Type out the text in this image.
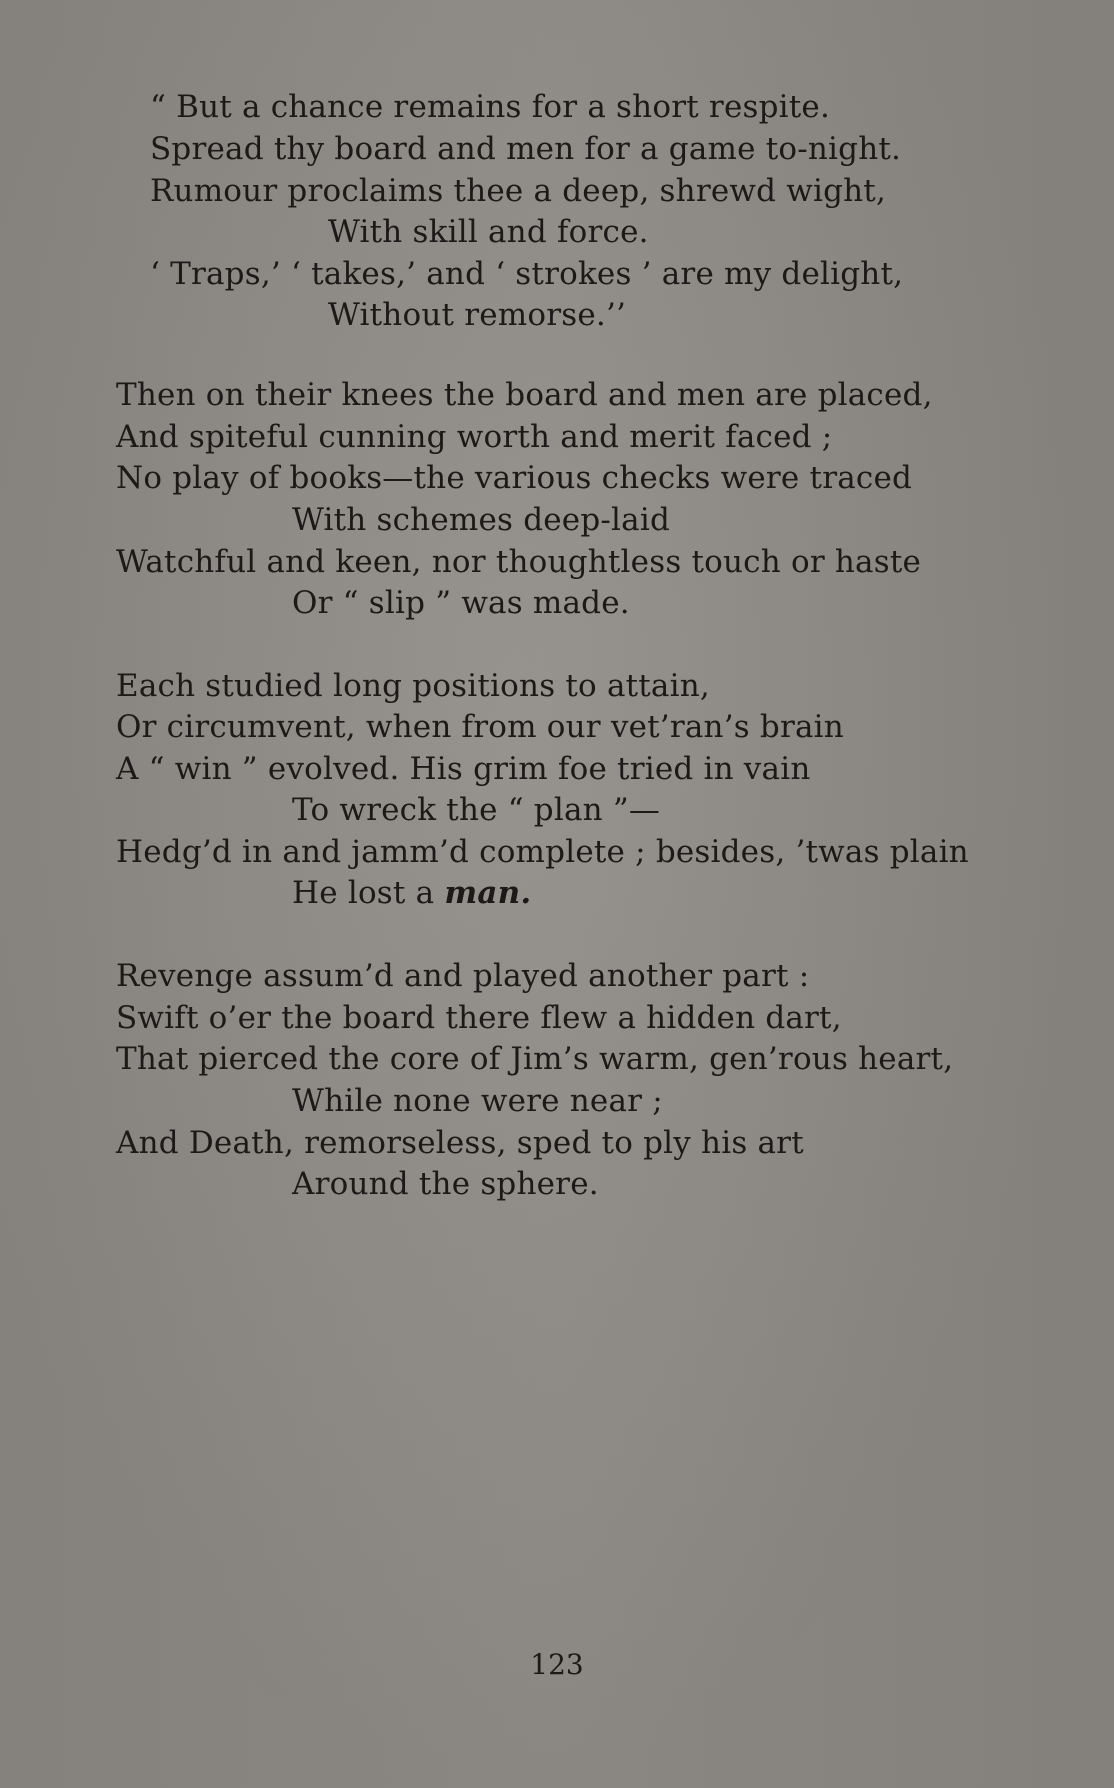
“ But a chance remains for a short respite.
Spread thy board and men for a game to-night.
Rumour proclaims thee a deep, shrewd wight,
With skill and force.
‘ Traps,’ ‘ takes,’ and ‘ strokes ’ are my delight,
Without remorse.’’
Then on their knees the board and men are placed,
And spiteful cunning worth and merit faced ;
No play of books—the various checks were traced
With schemes deep-laid
Watchful and keen, nor thoughtless touch or haste
Or “ slip ” was made.
Each studied long positions to attain,
Or circumvent, when from our vet’ran’s brain
A “ win ” evolved. His grim foe tried in vain
To wreck the “ plan ”—
Hedg’d in and jamm’d complete ; besides, ’twas plain
He lost a man.
Revenge assum’d and played another part :
Swift o’er the board there flew a hidden dart,
That pierced the core of Jim’s warm, gen’rous heart,
While none were near ;
And Death, remorseless, sped to ply his art
Around the sphere.
123
